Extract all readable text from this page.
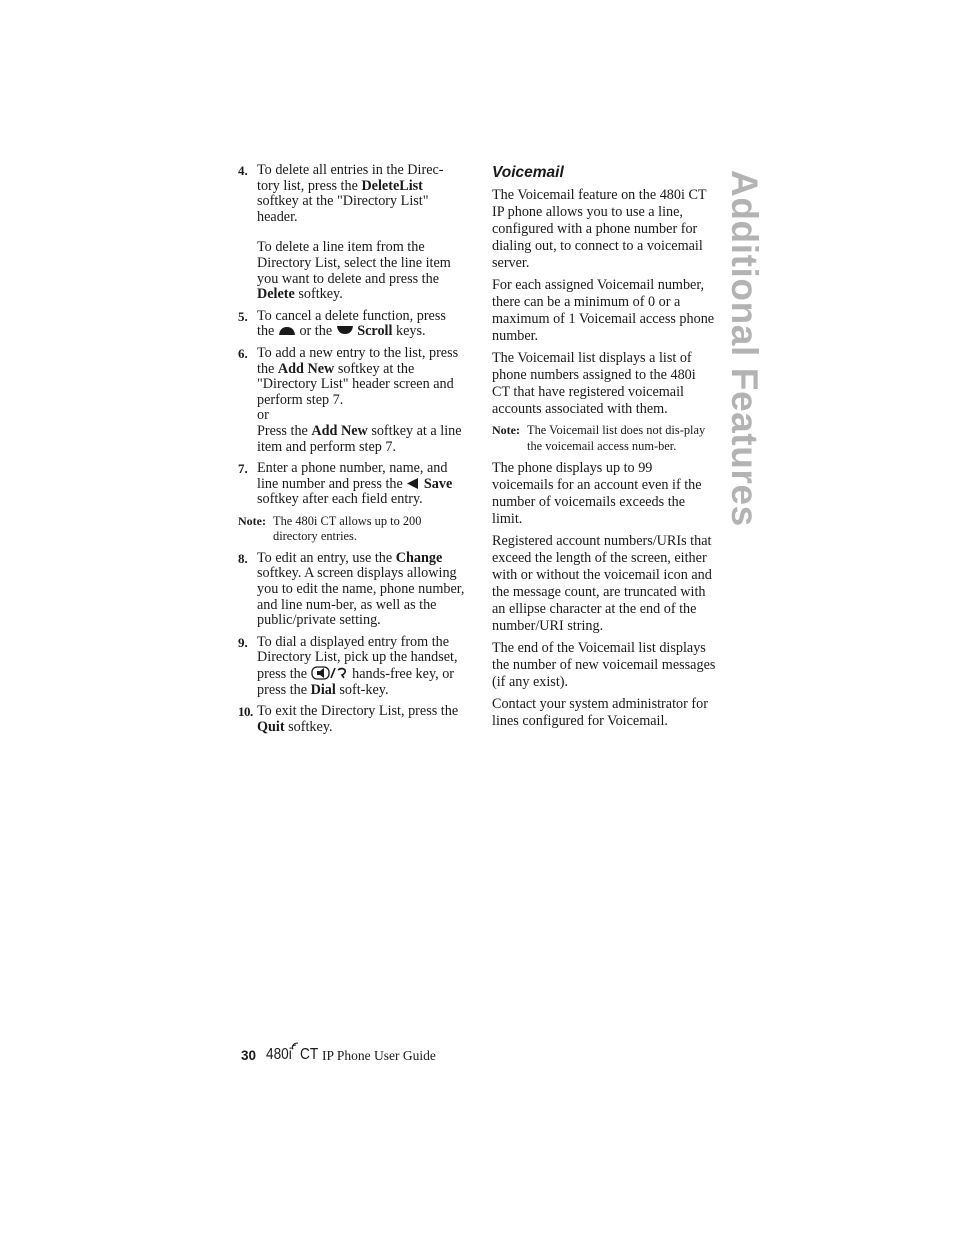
Additional Features
4. To delete all entries in the Direc-tory list, press the DeleteList softkey at the "Directory List" header.

To delete a line item from the Directory List, select the line item you want to delete and press the Delete softkey.

5. To cancel a delete function, press the  or the  Scroll keys.

6. To add a new entry to the list, press the Add New softkey at the "Directory List" header screen and perform step 7.
or
Press the Add New softkey at a line item and perform step 7.

7. Enter a phone number, name, and line number and press the  Save softkey after each field entry.

Note: The 480i CT allows up to 200 directory entries.
8. To edit an entry, use the Change softkey. A screen displays allowing you to edit the name, phone number, and line num-ber, as well as the public/private setting.

9. To dial a displayed entry from the Directory List, pick up the handset, press the	hands-free key, or press the Dial soft-key.

10. To exit the Directory List, press the Quit softkey.

Voicemail

The Voicemail feature on the 480i CT IP phone allows you to use a line, configured with a phone number for dialing out, to connect to a voicemail server.

For each assigned Voicemail number, there can be a minimum of 0 or a maximum of 1 Voicemail access phone number.

The Voicemail list displays a list of phone numbers assigned to the 480i CT that have registered voicemail accounts associated with them.

Note: The Voicemail list does not dis-play the voicemail access num-ber.

The phone displays up to 99 voicemails for an account even if the number of voicemails exceeds the limit.

Registered account numbers/URIs that exceed the length of the screen, either with or without the voicemail icon and the message count, are truncated with an ellipse character at the end of the number/URI string.

The end of the Voicemail list displays the number of new voicemail messages (if any exist).

Contact your system administrator for lines configured for Voicemail.

30 480i CT IP Phone User Guide
